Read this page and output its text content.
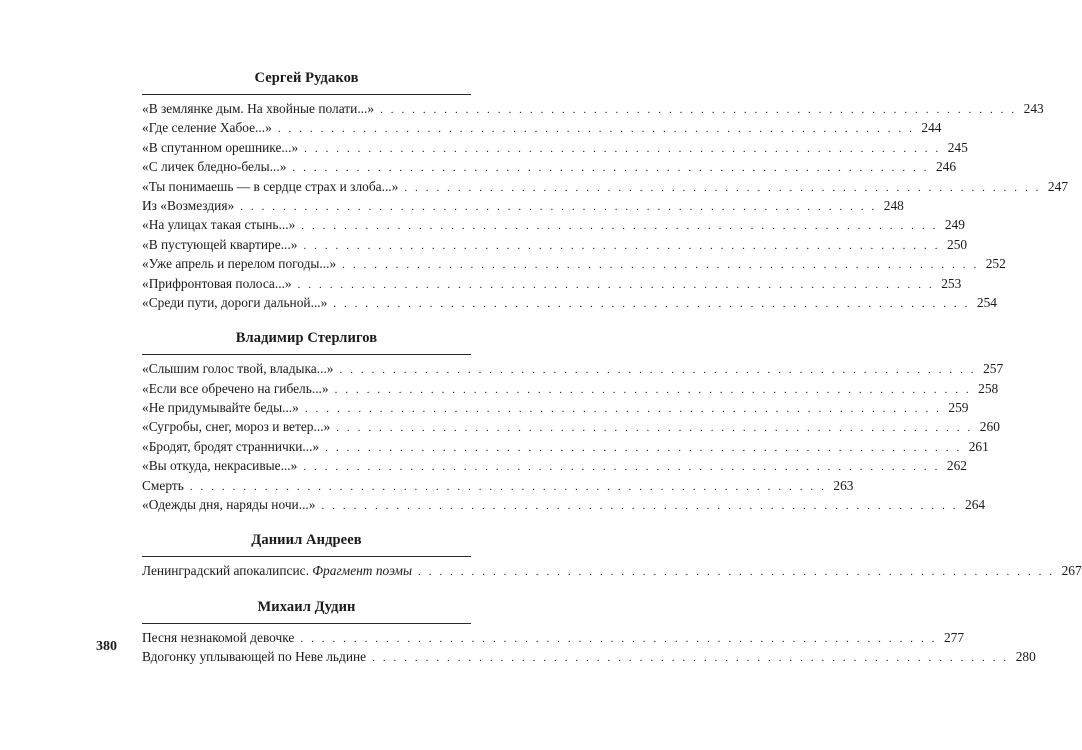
Сергей Рудаков
«В землянке дым. На хвойные полати...» . . . . . . . . . . . . . . . . . . . . . . . . . . . . . . . . . . . . . . . . . . . . . . . . . . . . . . . . . . . . 243
«Где селение Хабое...» . . . . . . . . . . . . . . . . . . . . . . . . . . . . . . . . . . . . . . . . . . . . . . . . . . . . . . . . . . . . 244
«В спутанном орешнике...» . . . . . . . . . . . . . . . . . . . . . . . . . . . . . . . . . . . . . . . . . . . . . . . . . . . . . . . . . . . . 245
«С личек бледно-белы...» . . . . . . . . . . . . . . . . . . . . . . . . . . . . . . . . . . . . . . . . . . . . . . . . . . . . . . . . . . . . 246
«Ты понимаешь — в сердце страх и злоба...» . . . . . . . . . . . . . . . . . . . . . . . . . . . . . . . . . . . . . . . . . . . . . . . . . . . . . . . . . . . . 247
Из «Возмездия» . . . . . . . . . . . . . . . . . . . . . . . . . . . . . . . . . . . . . . . . . . . . . . . . . . . . . . . . . . . . 248
«На улицах такая стынь...» . . . . . . . . . . . . . . . . . . . . . . . . . . . . . . . . . . . . . . . . . . . . . . . . . . . . . . . . . . . . 249
«В пустующей квартире...» . . . . . . . . . . . . . . . . . . . . . . . . . . . . . . . . . . . . . . . . . . . . . . . . . . . . . . . . . . . . 250
«Уже апрель и перелом погоды...» . . . . . . . . . . . . . . . . . . . . . . . . . . . . . . . . . . . . . . . . . . . . . . . . . . . . . . . . . . . . 252
«Прифронтовая полоса...» . . . . . . . . . . . . . . . . . . . . . . . . . . . . . . . . . . . . . . . . . . . . . . . . . . . . . . . . . . . . 253
«Среди пути, дороги дальной...» . . . . . . . . . . . . . . . . . . . . . . . . . . . . . . . . . . . . . . . . . . . . . . . . . . . . . . . . . . . . 254
Владимир Стерлигов
«Слышим голос твой, владыка...» . . . . . . . . . . . . . . . . . . . . . . . . . . . . . . . . . . . . . . . . . . . . . . . . . . . . . . . . . . . . 257
«Если все обречено на гибель...» . . . . . . . . . . . . . . . . . . . . . . . . . . . . . . . . . . . . . . . . . . . . . . . . . . . . . . . . . . . . 258
«Не придумывайте беды...» . . . . . . . . . . . . . . . . . . . . . . . . . . . . . . . . . . . . . . . . . . . . . . . . . . . . . . . . . . . . 259
«Сугробы, снег, мороз и ветер...» . . . . . . . . . . . . . . . . . . . . . . . . . . . . . . . . . . . . . . . . . . . . . . . . . . . . . . . . . . . . 260
«Бродят, бродят страннички...» . . . . . . . . . . . . . . . . . . . . . . . . . . . . . . . . . . . . . . . . . . . . . . . . . . . . . . . . . . . . 261
«Вы откуда, некрасивые...» . . . . . . . . . . . . . . . . . . . . . . . . . . . . . . . . . . . . . . . . . . . . . . . . . . . . . . . . . . . . 262
Смерть . . . . . . . . . . . . . . . . . . . . . . . . . . . . . . . . . . . . . . . . . . . . . . . . . . . . . . . . . . . . 263
«Одежды дня, наряды ночи...» . . . . . . . . . . . . . . . . . . . . . . . . . . . . . . . . . . . . . . . . . . . . . . . . . . . . . . . . . . . . 264
Даниил Андреев
Ленинградский апокалипсис. Фрагмент поэмы . . . . . . . . . . . . . . . . . . . . . . . . . . . . . . . . . . . . . . . . . . . . . . . . . . . . . . . . . . . . 267
Михаил Дудин
Песня незнакомой девочке . . . . . . . . . . . . . . . . . . . . . . . . . . . . . . . . . . . . . . . . . . . . . . . . . . . . . . . . . . . . 277
Вдогонку уплывающей по Неве льдине . . . . . . . . . . . . . . . . . . . . . . . . . . . . . . . . . . . . . . . . . . . . . . . . . . . . . . . . . . . . 280
380
